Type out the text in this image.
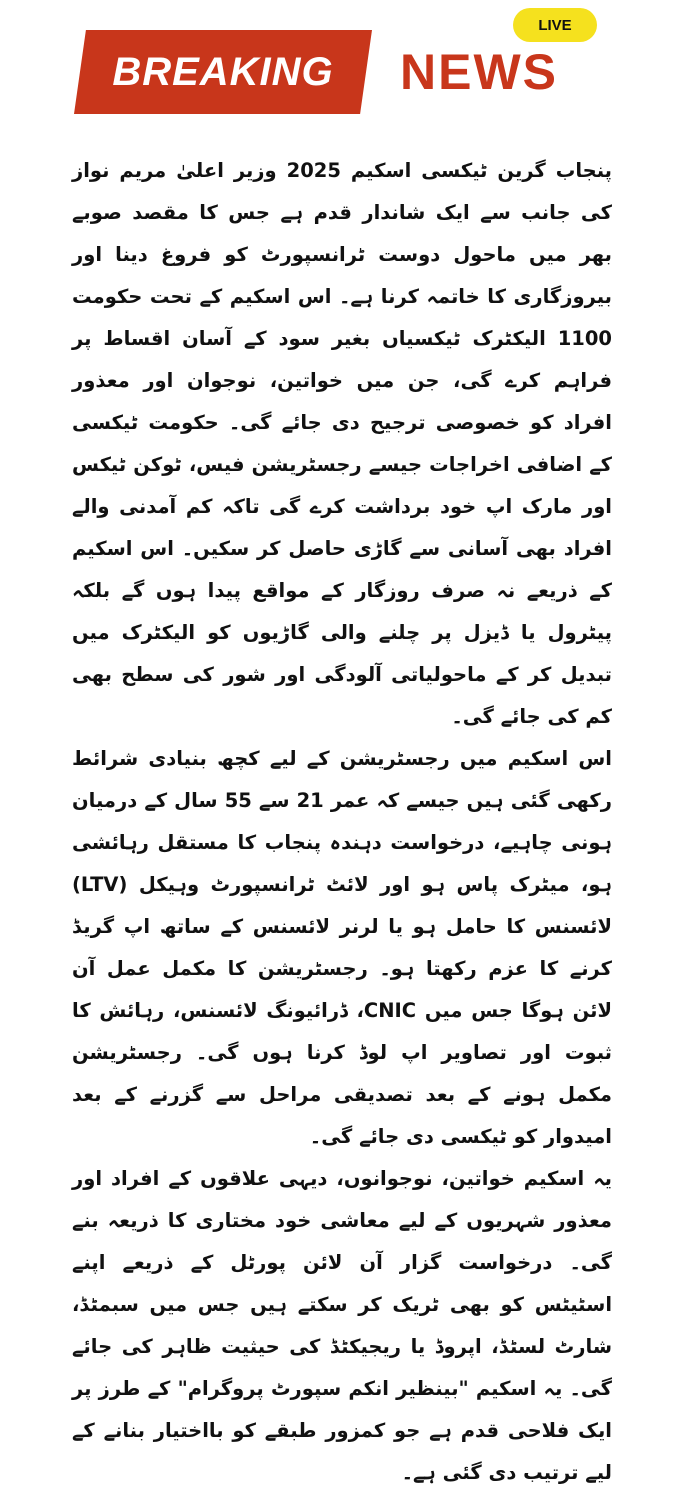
BREAKING	NEWS
LIVE

پنجاب گرین ٹیکسی اسکیم 2025 وزیر اعلیٰ مریم نواز کی جانب سے ایک شاندار قدم ہے جس کا مقصد صوبے بھر میں ماحول دوست ٹرانسپورٹ کو فروغ دینا اور بیروزگاری کا خاتمہ کرنا ہے۔ اس اسکیم کے تحت حکومت 1100 الیکٹرک ٹیکسیاں بغیر سود کے آسان اقساط پر فراہم کرے گی، جن میں خواتین، نوجوان اور معذور افراد کو خصوصی ترجیح دی جائے گی۔ حکومت ٹیکسی کے اضافی اخراجات جیسے رجسٹریشن فیس، ٹوکن ٹیکس اور مارک اپ خود برداشت کرے گی تاکہ کم آمدنی والے افراد بھی آسانی سے گاڑی حاصل کر سکیں۔ اس اسکیم کے ذریعے نہ صرف روزگار کے مواقع پیدا ہوں گے بلکہ پیٹرول یا ڈیزل پر چلنے والی گاڑیوں کو الیکٹرک میں تبدیل کر کے ماحولیاتی آلودگی اور شور کی سطح بھی کم کی جائے گی۔

اس اسکیم میں رجسٹریشن کے لیے کچھ بنیادی شرائط رکھی گئی ہیں جیسے کہ عمر 21 سے 55 سال کے درمیان ہونی چاہیے، درخواست دہندہ پنجاب کا مستقل رہائشی ہو، میٹرک پاس ہو اور لائٹ ٹرانسپورٹ وہیکل (LTV) لائسنس کا حامل ہو یا لرنر لائسنس کے ساتھ اپ گریڈ کرنے کا عزم رکھتا ہو۔ رجسٹریشن کا مکمل عمل آن لائن ہوگا جس میں CNIC، ڈرائیونگ لائسنس، رہائش کا ثبوت اور تصاویر اپ لوڈ کرنا ہوں گی۔ رجسٹریشن مکمل ہونے کے بعد تصدیقی مراحل سے گزرنے کے بعد امیدوار کو ٹیکسی دی جائے گی۔

یہ اسکیم خواتین، نوجوانوں، دیہی علاقوں کے افراد اور معذور شہریوں کے لیے معاشی خود مختاری کا ذریعہ بنے گی۔ درخواست گزار آن لائن پورٹل کے ذریعے اپنے اسٹیٹس کو بھی ٹریک کر سکتے ہیں جس میں سبمٹڈ، شارٹ لسٹڈ، اپروڈ یا ریجیکٹڈ کی حیثیت ظاہر کی جائے گی۔ یہ اسکیم "بینظیر انکم سپورٹ پروگرام" کے طرز پر ایک فلاحی قدم ہے جو کمزور طبقے کو بااختیار بنانے کے لیے ترتیب دی گئی ہے۔
